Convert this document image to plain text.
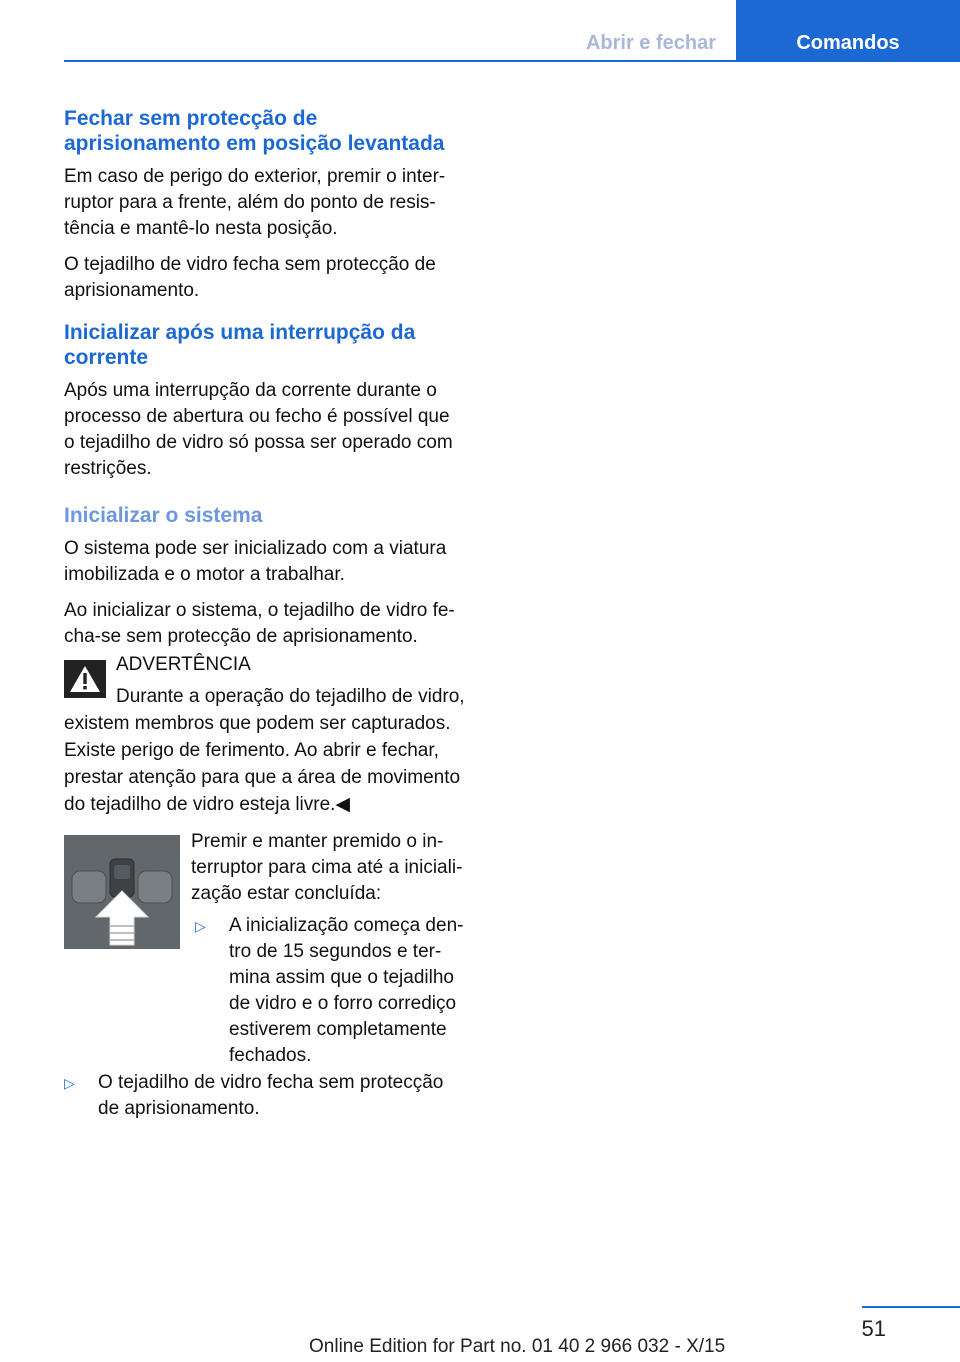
Abrir e fechar	Comandos
Fechar sem protecção de
aprisionamento em posição levantada

Em caso de perigo do exterior, premir o inter‐
ruptor para a frente, além do ponto de resis‐
tência e mantê-lo nesta posição.

O tejadilho de vidro fecha sem protecção de
aprisionamento.

Inicializar após uma interrupção da
corrente

Após uma interrupção da corrente durante o
processo de abertura ou fecho é possível que
o tejadilho de vidro só possa ser operado com
restrições.

Inicializar o sistema

O sistema pode ser inicializado com a viatura
imobilizada e o motor a trabalhar.

Ao inicializar o sistema, o tejadilho de vidro fe‐
cha-se sem protecção de aprisionamento.

ADVERTÊNCIA
Durante a operação do tejadilho de vidro,
existem membros que podem ser capturados.
Existe perigo de ferimento. Ao abrir e fechar,
prestar atenção para que a área de movimento
do tejadilho de vidro esteja livre.◀
Premir e manter premido o in‐
terruptor para cima até a iniciali‐
zação estar concluída:
▷	A inicialização começa den‐
tro de 15 segundos e ter‐
mina assim que o tejadilho
de vidro e o forro corrediço
estiverem completamente
fechados.
▷	O tejadilho de vidro fecha sem protecção
de aprisionamento.
51
Online Edition for Part no. 01 40 2 966 032 - X/15
